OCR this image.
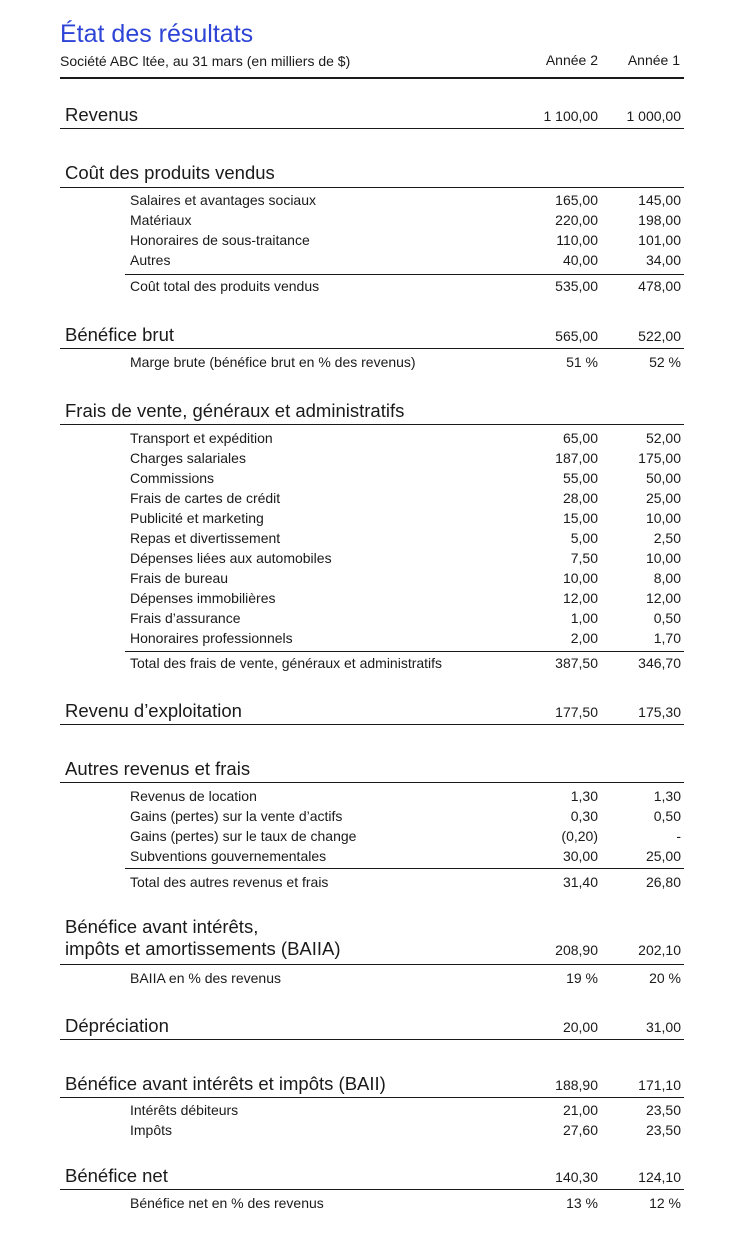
État des résultats
Société ABC ltée, au 31 mars (en milliers de $)	Année 2	Année 1
Revenus	1 100,00	1 000,00
Coût des produits vendus
Salaires et avantages sociaux	165,00	145,00
Matériaux	220,00	198,00
Honoraires de sous-traitance	110,00	101,00
Autres	40,00	34,00
Coût total des produits vendus	535,00	478,00
Bénéfice brut	565,00	522,00
Marge brute (bénéfice brut en % des revenus)	51 %	52 %
Frais de vente, généraux et administratifs
Transport et expédition	65,00	52,00
Charges salariales	187,00	175,00
Commissions	55,00	50,00
Frais de cartes de crédit	28,00	25,00
Publicité et marketing	15,00	10,00
Repas et divertissement	5,00	2,50
Dépenses liées aux automobiles	7,50	10,00
Frais de bureau	10,00	8,00
Dépenses immobilières	12,00	12,00
Frais d’assurance	1,00	0,50
Honoraires professionnels	2,00	1,70
Total des frais de vente, généraux et administratifs	387,50	346,70
Revenu d’exploitation	177,50	175,30
Autres revenus et frais
Revenus de location	1,30	1,30
Gains (pertes) sur la vente d’actifs	0,30	0,50
Gains (pertes) sur le taux de change	(0,20)	-
Subventions gouvernementales	30,00	25,00
Total des autres revenus et frais	31,40	26,80
Bénéfice avant intérêts,
impôts et amortissements (BAIIA)	208,90	202,10
BAIIA en % des revenus	19 %	20 %
Dépréciation	20,00	31,00
Bénéfice avant intérêts et impôts (BAII)	188,90	171,10
Intérêts débiteurs	21,00	23,50
Impôts	27,60	23,50
Bénéfice net	140,30	124,10
Bénéfice net en % des revenus	13 %	12 %
